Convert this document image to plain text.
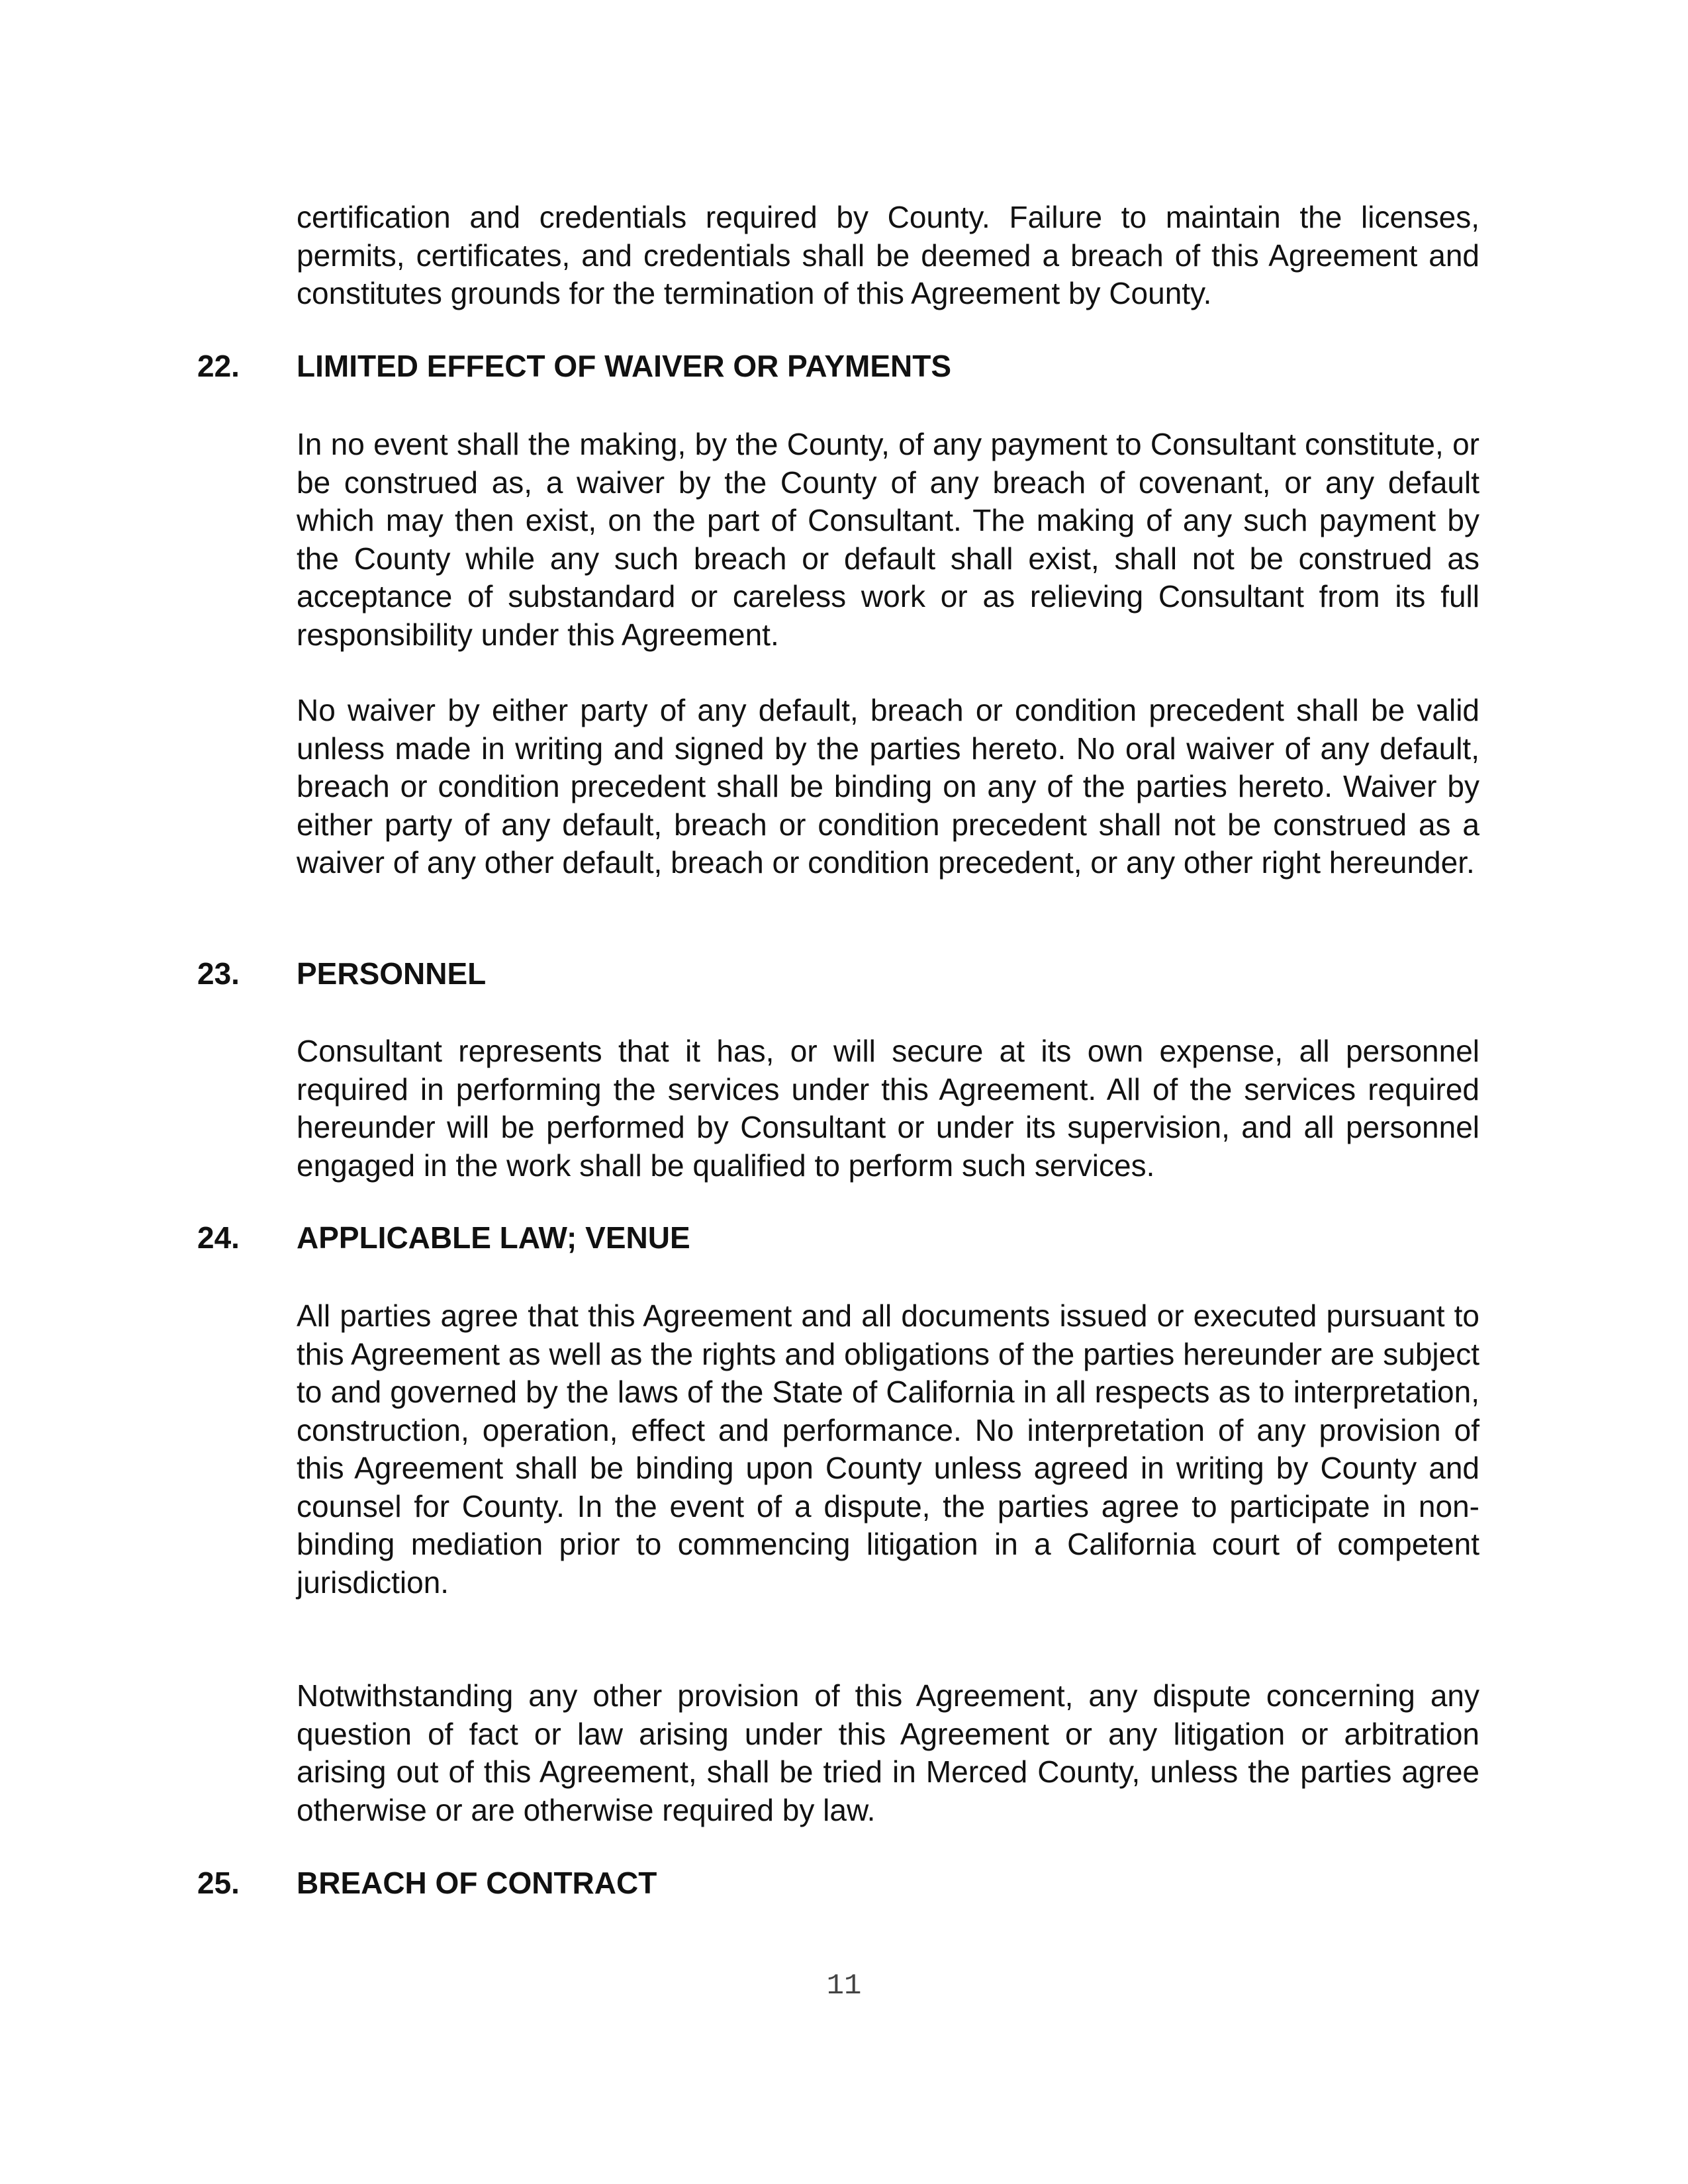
certification and credentials required by County. Failure to maintain the licenses, permits, certificates, and credentials shall be deemed a breach of this Agreement and constitutes grounds for the termination of this Agreement by County.

22. LIMITED EFFECT OF WAIVER OR PAYMENTS

In no event shall the making, by the County, of any payment to Consultant constitute, or be construed as, a waiver by the County of any breach of covenant, or any default which may then exist, on the part of Consultant. The making of any such payment by the County while any such breach or default shall exist, shall not be construed as acceptance of substandard or careless work or as relieving Consultant from its full responsibility under this Agreement.

No waiver by either party of any default, breach or condition precedent shall be valid unless made in writing and signed by the parties hereto. No oral waiver of any default, breach or condition precedent shall be binding on any of the parties hereto. Waiver by either party of any default, breach or condition precedent shall not be construed as a waiver of any other default, breach or condition precedent, or any other right hereunder.

23. PERSONNEL

Consultant represents that it has, or will secure at its own expense, all personnel required in performing the services under this Agreement. All of the services required hereunder will be performed by Consultant or under its supervision, and all personnel engaged in the work shall be qualified to perform such services.

24. APPLICABLE LAW; VENUE

All parties agree that this Agreement and all documents issued or executed pursuant to this Agreement as well as the rights and obligations of the parties hereunder are subject to and governed by the laws of the State of California in all respects as to interpretation, construction, operation, effect and performance. No interpretation of any provision of this Agreement shall be binding upon County unless agreed in writing by County and counsel for County. In the event of a dispute, the parties agree to participate in non-binding mediation prior to commencing litigation in a California court of competent jurisdiction.

Notwithstanding any other provision of this Agreement, any dispute concerning any question of fact or law arising under this Agreement or any litigation or arbitration arising out of this Agreement, shall be tried in Merced County, unless the parties agree otherwise or are otherwise required by law.

25. BREACH OF CONTRACT

11
